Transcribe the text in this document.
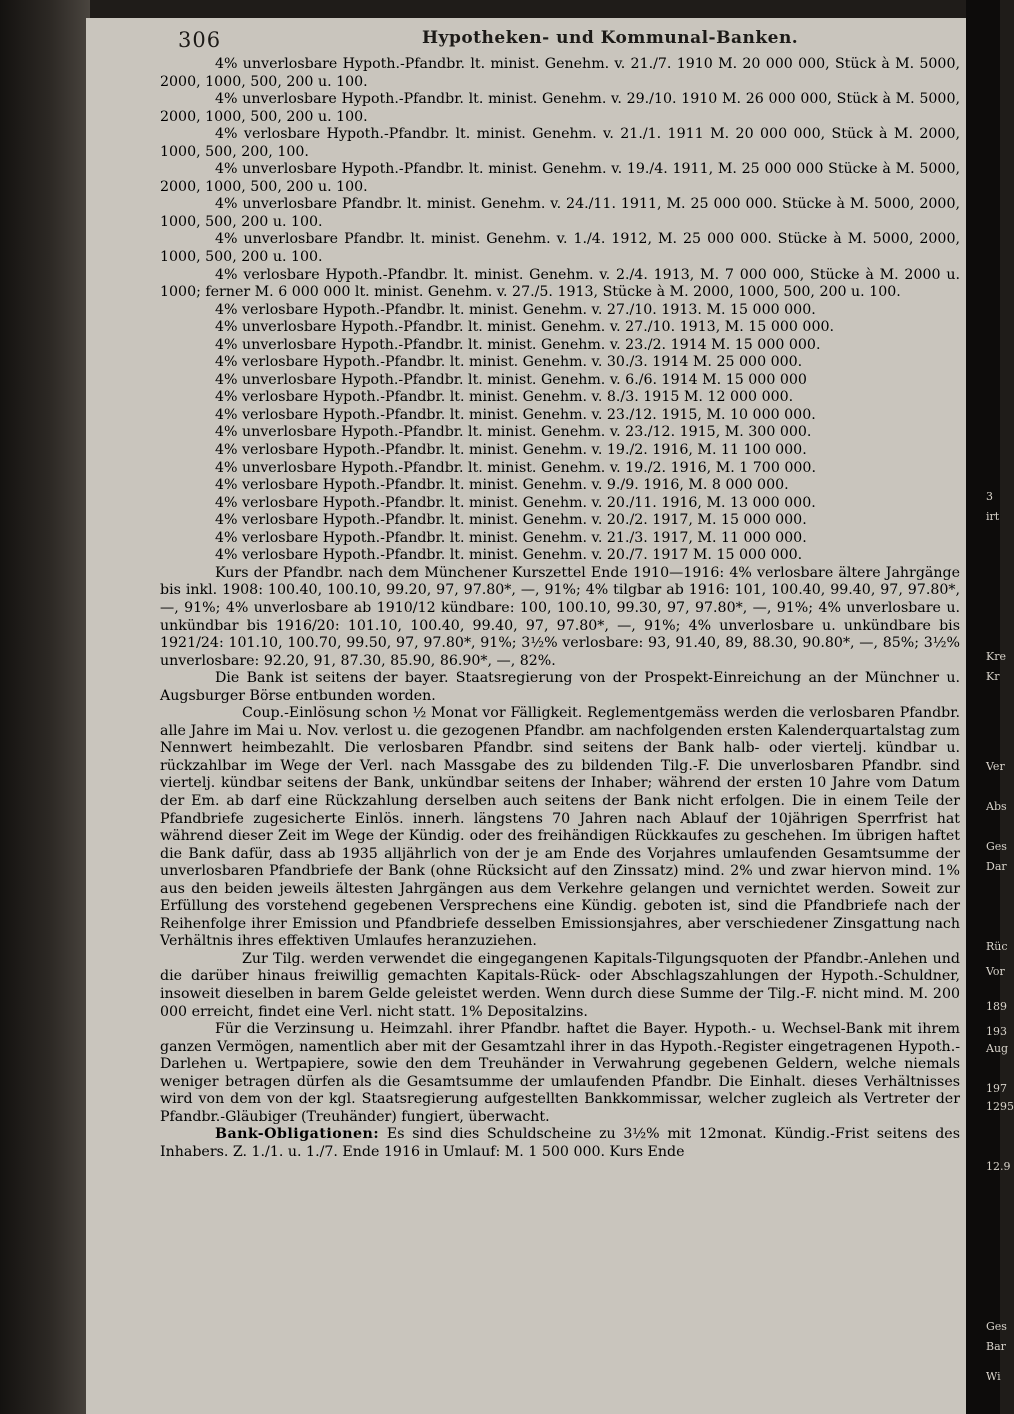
306	Hypotheken- und Kommunal-Banken.

4% unverlosbare Hypoth.-Pfandbr. lt. minist. Genehm. v. 21./7. 1910 M. 20 000 000, Stück à M. 5000, 2000, 1000, 500, 200 u. 100.

4% unverlosbare Hypoth.-Pfandbr. lt. minist. Genehm. v. 29./10. 1910 M. 26 000 000, Stück à M. 5000, 2000, 1000, 500, 200 u. 100.

4% verlosbare Hypoth.-Pfandbr. lt. minist. Genehm. v. 21./1. 1911 M. 20 000 000, Stück à M. 2000, 1000, 500, 200, 100.

4% unverlosbare Hypoth.-Pfandbr. lt. minist. Genehm. v. 19./4. 1911, M. 25 000 000 Stücke à M. 5000, 2000, 1000, 500, 200 u. 100.

4% unverlosbare Pfandbr. lt. minist. Genehm. v. 24./11. 1911, M. 25 000 000. Stücke à M. 5000, 2000, 1000, 500, 200 u. 100.

4% unverlosbare Pfandbr. lt. minist. Genehm. v. 1./4. 1912, M. 25 000 000. Stücke à M. 5000, 2000, 1000, 500, 200 u. 100.

4% verlosbare Hypoth.-Pfandbr. lt. minist. Genehm. v. 2./4. 1913, M. 7 000 000, Stücke à M. 2000 u. 1000; ferner M. 6 000 000 lt. minist. Genehm. v. 27./5. 1913, Stücke à M. 2000, 1000, 500, 200 u. 100.

4% verlosbare Hypoth.-Pfandbr. lt. minist. Genehm. v. 27./10. 1913. M. 15 000 000.

4% unverlosbare Hypoth.-Pfandbr. lt. minist. Genehm. v. 27./10. 1913, M. 15 000 000.

4% unverlosbare Hypoth.-Pfandbr. lt. minist. Genehm. v. 23./2. 1914 M. 15 000 000.

4% verlosbare Hypoth.-Pfandbr. lt. minist. Genehm. v. 30./3. 1914 M. 25 000 000.

4% unverlosbare Hypoth.-Pfandbr. lt. minist. Genehm. v. 6./6. 1914 M. 15 000 000

4% verlosbare Hypoth.-Pfandbr. lt. minist. Genehm. v. 8./3. 1915 M. 12 000 000.

4% verlosbare Hypoth.-Pfandbr. lt. minist. Genehm. v. 23./12. 1915, M. 10 000 000.

4% unverlosbare Hypoth.-Pfandbr. lt. minist. Genehm. v. 23./12. 1915, M. 300 000.

4% verlosbare Hypoth.-Pfandbr. lt. minist. Genehm. v. 19./2. 1916, M. 11 100 000.

4% unverlosbare Hypoth.-Pfandbr. lt. minist. Genehm. v. 19./2. 1916, M. 1 700 000.

4% verlosbare Hypoth.-Pfandbr. lt. minist. Genehm. v. 9./9. 1916, M. 8 000 000.

4% verlosbare Hypoth.-Pfandbr. lt. minist. Genehm. v. 20./11. 1916, M. 13 000 000.

4% verlosbare Hypoth.-Pfandbr. lt. minist. Genehm. v. 20./2. 1917, M. 15 000 000.

4% verlosbare Hypoth.-Pfandbr. lt. minist. Genehm. v. 21./3. 1917, M. 11 000 000.

4% verlosbare Hypoth.-Pfandbr. lt. minist. Genehm. v. 20./7. 1917 M. 15 000 000.

Kurs der Pfandbr. nach dem Münchener Kurszettel Ende 1910—1916: 4% verlosbare ältere Jahrgänge bis inkl. 1908: 100.40, 100.10, 99.20, 97, 97.80*, —, 91%; 4% tilgbar ab 1916: 101, 100.40, 99.40, 97, 97.80*, —, 91%; 4% unverlosbare ab 1910/12 kündbare: 100, 100.10, 99.30, 97, 97.80*, —, 91%; 4% unverlosbare u. unkündbar bis 1916/20: 101.10, 100.40, 99.40, 97, 97.80*, —, 91%; 4% unverlosbare u. unkündbare bis 1921/24: 101.10, 100.70, 99.50, 97, 97.80*, 91%; 3½% verlosbare: 93, 91.40, 89, 88.30, 90.80*, —, 85%; 3½% unverlosbare: 92.20, 91, 87.30, 85.90, 86.90*, —, 82%.

Die Bank ist seitens der bayer. Staatsregierung von der Prospekt-Einreichung an der Münchner u. Augsburger Börse entbunden worden.

Coup.-Einlösung schon ½ Monat vor Fälligkeit. Reglementgemäss werden die verlosbaren Pfandbr. alle Jahre im Mai u. Nov. verlost u. die gezogenen Pfandbr. am nachfolgenden ersten Kalenderquartalstag zum Nennwert heimbezahlt. Die verlosbaren Pfandbr. sind seitens der Bank halb- oder viertelj. kündbar u. rückzahlbar im Wege der Verl. nach Massgabe des zu bildenden Tilg.-F. Die unverlosbaren Pfandbr. sind viertelj. kündbar seitens der Bank, unkündbar seitens der Inhaber; während der ersten 10 Jahre vom Datum der Em. ab darf eine Rückzahlung derselben auch seitens der Bank nicht erfolgen. Die in einem Teile der Pfandbriefe zugesicherte Einlös. innerh. längstens 70 Jahren nach Ablauf der 10jährigen Sperrfrist hat während dieser Zeit im Wege der Kündig. oder des freihändigen Rückkaufes zu geschehen. Im übrigen haftet die Bank dafür, dass ab 1935 alljährlich von der je am Ende des Vorjahres umlaufenden Gesamtsumme der unverlosbaren Pfandbriefe der Bank (ohne Rücksicht auf den Zinssatz) mind. 2% und zwar hiervon mind. 1% aus den beiden jeweils ältesten Jahrgängen aus dem Verkehre gelangen und vernichtet werden. Soweit zur Erfüllung des vorstehend gegebenen Versprechens eine Kündig. geboten ist, sind die Pfandbriefe nach der Reihenfolge ihrer Emission und Pfandbriefe desselben Emissionsjahres, aber verschiedener Zinsgattung nach Verhältnis ihres effektiven Umlaufes heranzuziehen.

Zur Tilg. werden verwendet die eingegangenen Kapitals-Tilgungsquoten der Pfandbr.-Anlehen und die darüber hinaus freiwillig gemachten Kapitals-Rück- oder Abschlagszahlungen der Hypoth.-Schuldner, insoweit dieselben in barem Gelde geleistet werden. Wenn durch diese Summe der Tilg.-F. nicht mind. M. 200 000 erreicht, findet eine Verl. nicht statt. 1% Depositalzins.

Für die Verzinsung u. Heimzahl. ihrer Pfandbr. haftet die Bayer. Hypoth.- u. Wechsel-Bank mit ihrem ganzen Vermögen, namentlich aber mit der Gesamtzahl ihrer in das Hypoth.-Register eingetragenen Hypoth.-Darlehen u. Wertpapiere, sowie den dem Treuhänder in Verwahrung gegebenen Geldern, welche niemals weniger betragen dürfen als die Gesamtsumme der umlaufenden Pfandbr. Die Einhalt. dieses Verhältnisses wird von dem von der kgl. Staatsregierung aufgestellten Bankkommissar, welcher zugleich als Vertreter der Pfandbr.-Gläubiger (Treuhänder) fungiert, überwacht.

Bank-Obligationen: Es sind dies Schuldscheine zu 3½% mit 12monat. Kündig.-Frist seitens des Inhabers. Z. 1./1. u. 1./7. Ende 1916 in Umlauf: M. 1 500 000. Kurs Ende

3
irt
Kre
Kr
Ver
Abs
Ges
Dar
Rüc
Vor
189
193
Aug
197
1295
12.9
Ges
Bar
Wi
